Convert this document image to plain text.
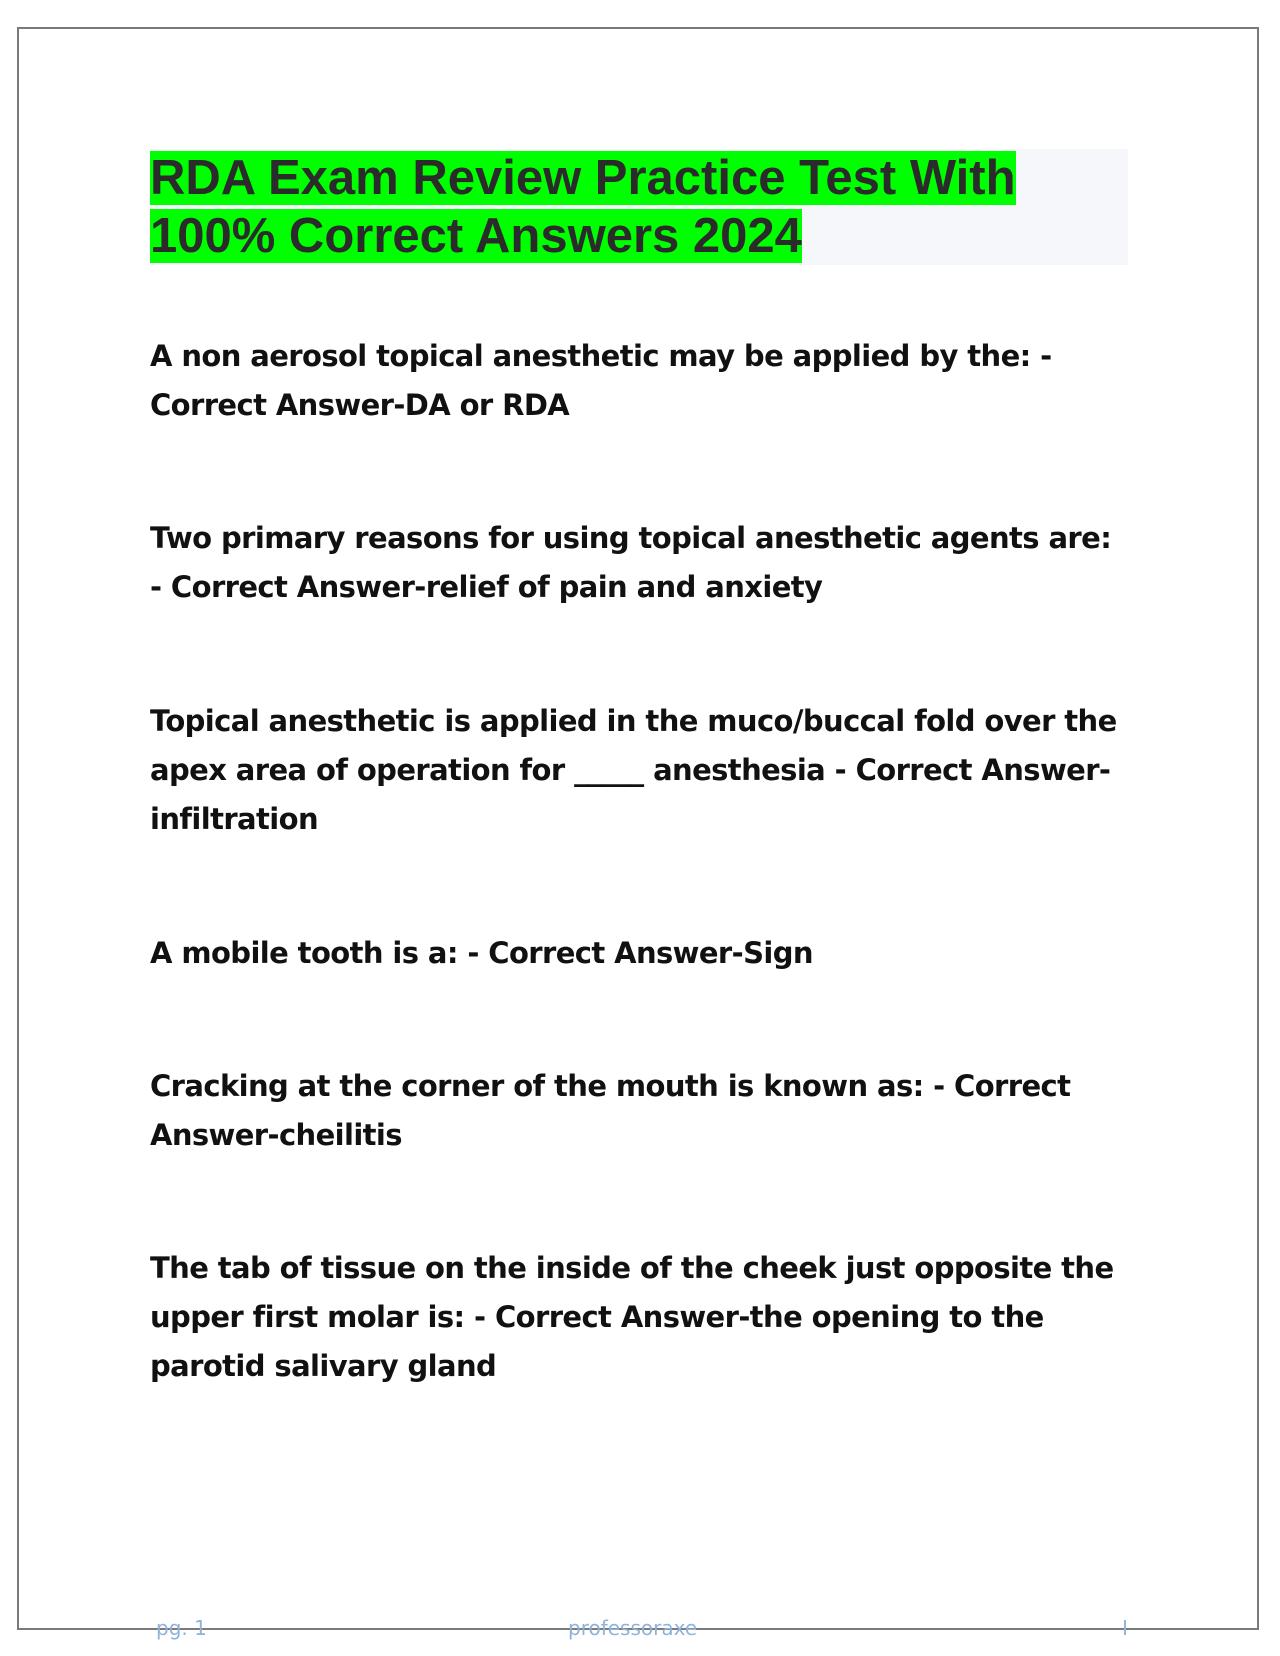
RDA Exam Review Practice Test With 100% Correct Answers 2024

A non aerosol topical anesthetic may be applied by the: - Correct Answer-DA or RDA

Two primary reasons for using topical anesthetic agents are: - Correct Answer-relief of pain and anxiety

Topical anesthetic is applied in the muco/buccal fold over the apex area of operation for _____ anesthesia - Correct Answer-infiltration

A mobile tooth is a: - Correct Answer-Sign

Cracking at the corner of the mouth is known as: - Correct Answer-cheilitis

The tab of tissue on the inside of the cheek just opposite the upper first molar is: - Correct Answer-the opening to the parotid salivary gland

pg. 1	professoraxe	I
